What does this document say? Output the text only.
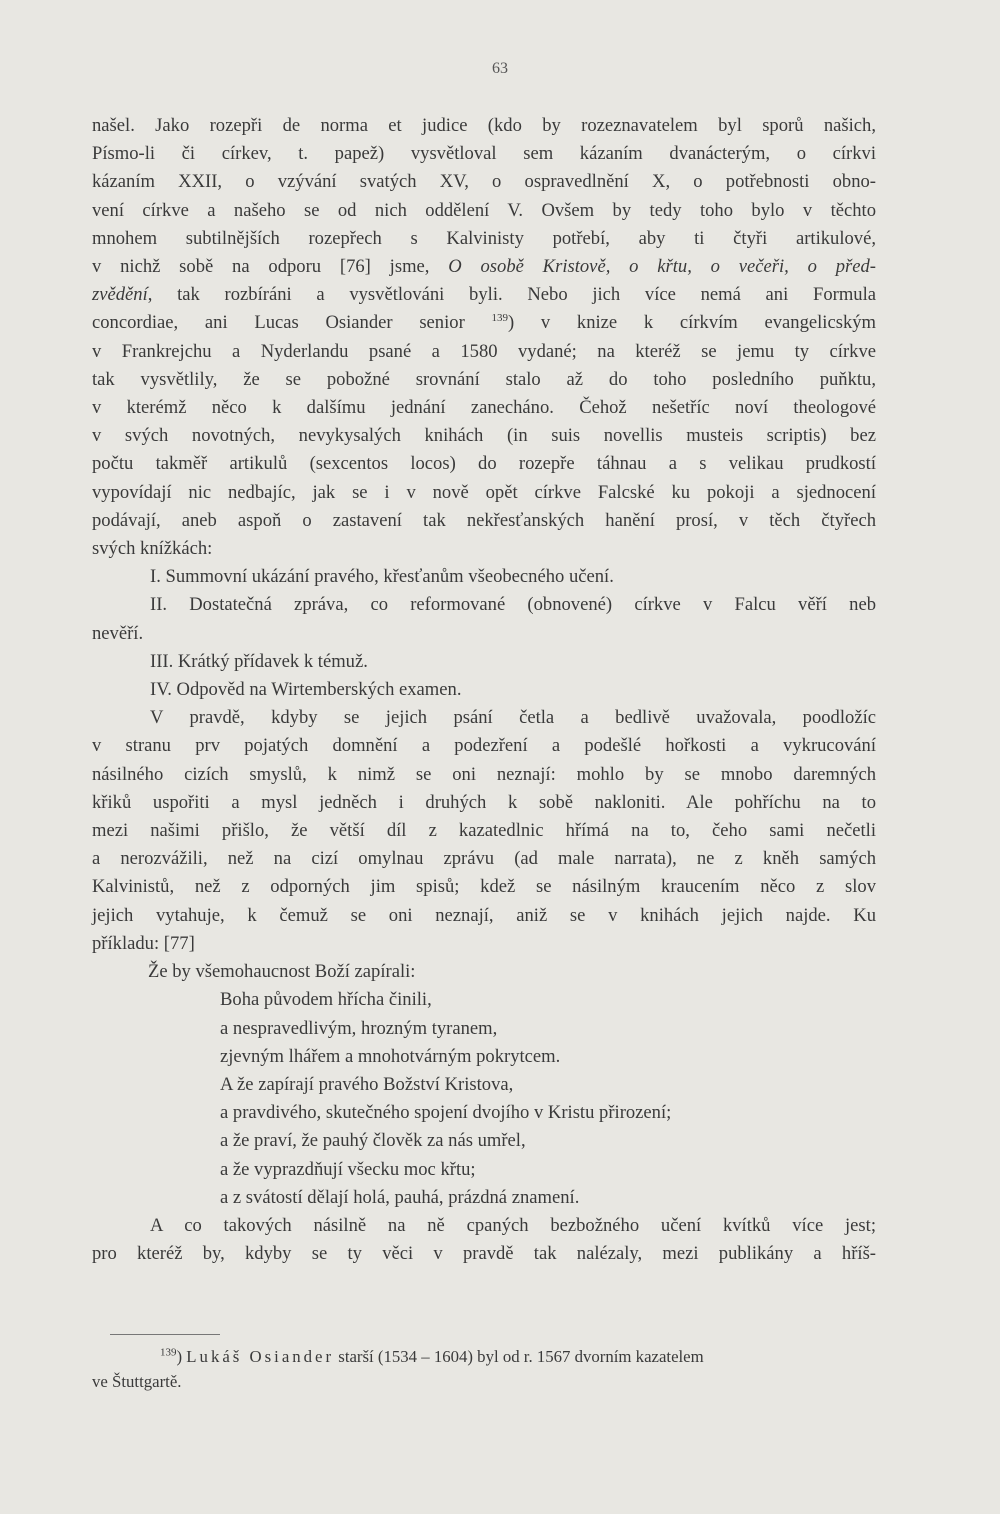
63

našel. Jako rozepři de norma et judice (kdo by rozeznavatelem byl sporů našich,

Písmo-li či církev, t. papež) vysvětloval sem kázaním dvanácterým, o církvi

kázaním XXII, o vzývání svatých XV, o ospravedlnění X, o potřebnosti obno-

vení církve a našeho se od nich oddělení V. Ovšem by tedy toho bylo v těchto

mnohem subtilnějších rozepřech s Kalvinisty potřebí, aby ti čtyři artikulové,

v nichž sobě na odporu [76] jsme, O osobě Kristově, o křtu, o večeři, o před-

zvědění, tak rozbíráni a vysvětlováni byli. Nebo jich více nemá ani Formula

concordiae, ani Lucas Osiander senior $^{139}$) v knize k církvím evangelicským

v Frankrejchu a Nyderlandu psané a 1580 vydané; na kteréž se jemu ty církve

tak vysvětlily, že se pobožné srovnání stalo až do toho posledního puňktu,

v kterémž něco k dalšímu jednání zanecháno. Čehož nešetříc noví theologové

v svých novotných, nevykysalých knihách (in suis novellis musteis scriptis) bez

počtu takměř artikulů (sexcentos locos) do rozepře táhnau a s velikau prudkostí

vypovídají nic nedbajíc, jak se i v nově opět církve Falcské ku pokoji a sjednocení

podávají, aneb aspoň o zastavení tak nekřesťanských hanění prosí, v těch čtyřech

svých knížkách:

I. Summovní ukázání pravého, křesťanům všeobecného učení.

II. Dostatečná zpráva, co reformované (obnovené) církve v Falcu věří neb

nevěří.

III. Krátký přídavek k témuž.

IV. Odpověd na Wirtemberských examen.

V pravdě, kdyby se jejich psání četla a bedlivě uvažovala, poodložíc

v stranu prv pojatých domnění a podezření a podešlé hořkosti a vykrucování

násilného cizích smyslů, k nimž se oni neznají: mohlo by se mnobo daremných

křiků uspořiti a mysl jedněch i druhých k sobě nakloniti. Ale pohříchu na to

mezi našimi přišlo, že větší díl z kazatedlnic hřímá na to, čeho sami nečetli

a nerozvážili, než na cizí omylnau zprávu (ad male narrata), ne z kněh samých

Kalvinistů, než z odporných jim spisů; kdež se násilným kraucením něco z slov

jejich vytahuje, k čemuž se oni neznají, aniž se v knihách jejich najde. Ku

příkladu: [77]

Že by všemohaucnost Boží zapírali:

Boha původem hřícha činili,

a nespravedlivým, hrozným tyranem,

zjevným lhářem a mnohotvárným pokrytcem.

A že zapírají pravého Božství Kristova,

a pravdivého, skutečného spojení dvojího v Kristu přirození;

a že praví, že pauhý člověk za nás umřel,

a že vyprazdňují všecku moc křtu;

a z svátostí dělají holá, pauhá, prázdná znamení.

A co takových násilně na ně cpaných bezbožného učení kvítků více jest;

pro kteréž by, kdyby se ty věci v pravdě tak nalézaly, mezi publikány a hříš-

$^{139}$) Lukáš Osiander starší (1534 – 1604) byl od r. 1567 dvorním kazatelem

ve Štuttgartě.
